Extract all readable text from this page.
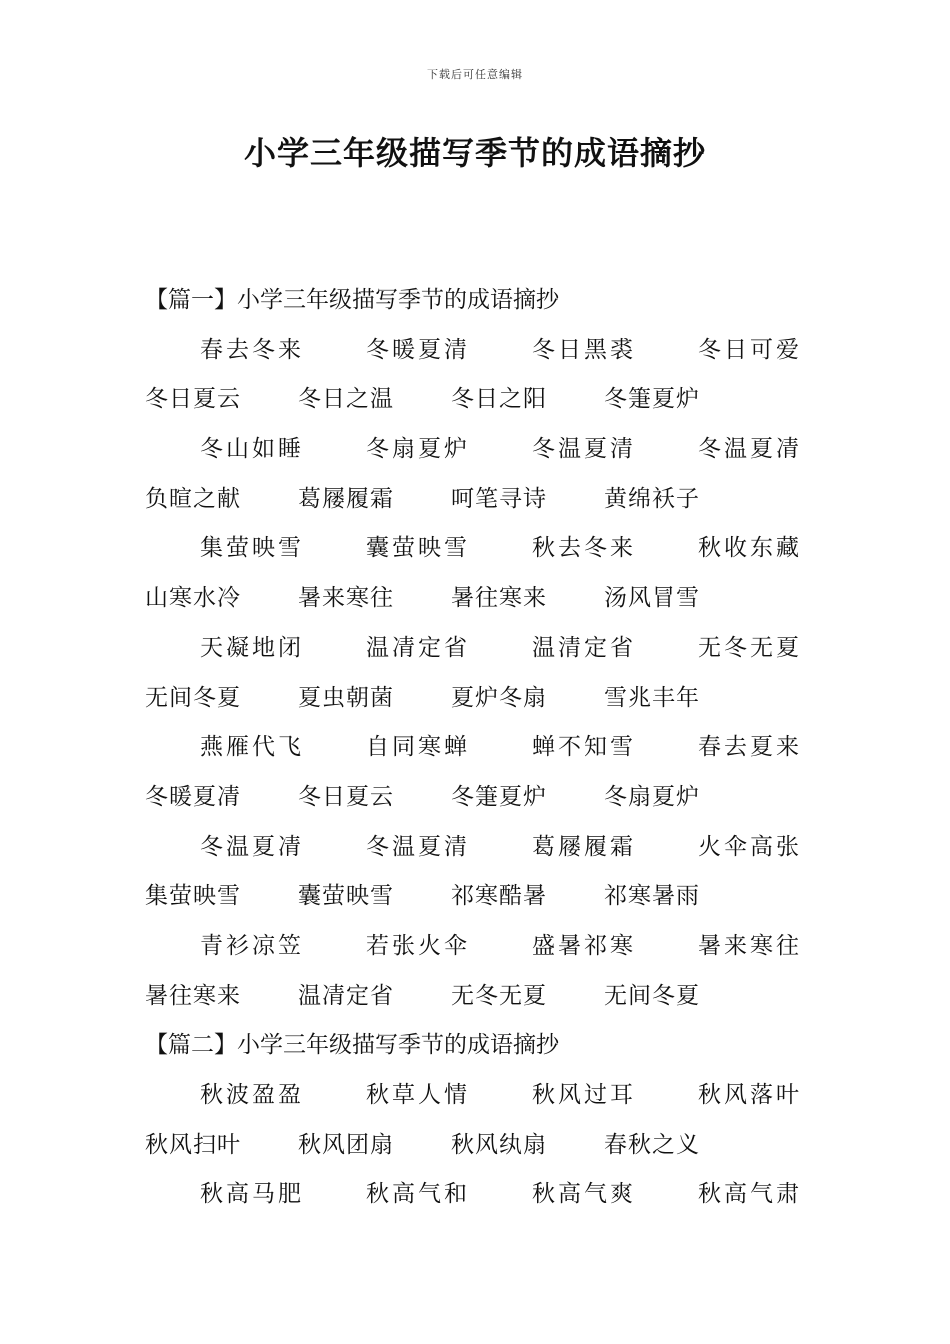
下载后可任意编辑
小学三年级描写季节的成语摘抄
【篇一】小学三年级描写季节的成语摘抄
春去冬来	冬暖夏清	冬日黑裘	冬日可爱
冬日夏云	冬日之温	冬日之阳	冬箑夏炉
冬山如睡	冬扇夏炉	冬温夏清	冬温夏凊
负暄之献	葛屦履霜	呵笔寻诗	黄绵袄子
集萤映雪	囊萤映雪	秋去冬来	秋收东藏
山寒水冷	暑来寒往	暑往寒来	汤风冒雪
天凝地闭	温凊定省	温清定省	无冬无夏
无间冬夏	夏虫朝菌	夏炉冬扇	雪兆丰年
燕雁代飞	自同寒蝉	蝉不知雪	春去夏来
冬暖夏凊	冬日夏云	冬箑夏炉	冬扇夏炉
冬温夏凊	冬温夏清	葛屦履霜	火伞高张
集萤映雪	囊萤映雪	祁寒酷暑	祁寒暑雨
青衫凉笠	若张火伞	盛暑祁寒	暑来寒往
暑往寒来	温凊定省	无冬无夏	无间冬夏
【篇二】小学三年级描写季节的成语摘抄
秋波盈盈	秋草人情	秋风过耳	秋风落叶
秋风扫叶	秋风团扇	秋风纨扇	春秋之义
秋高马肥	秋高气和	秋高气爽	秋高气肃
